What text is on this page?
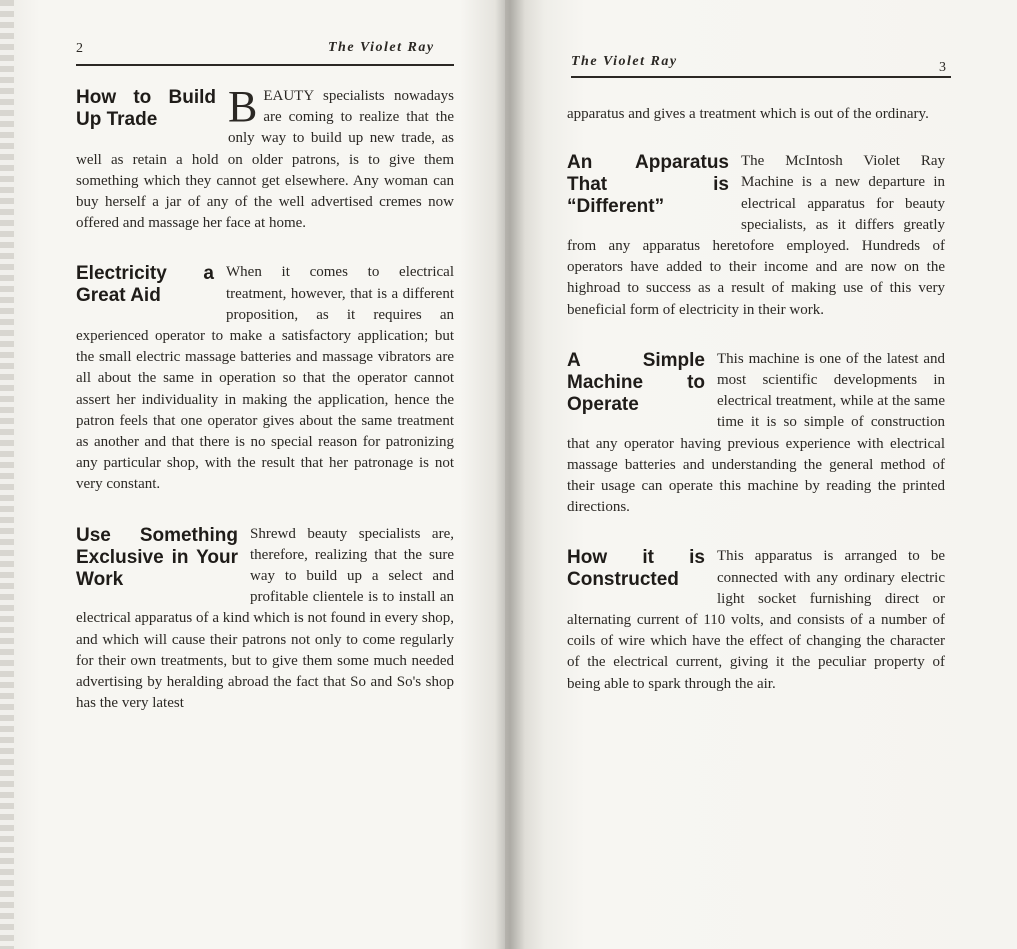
2	The Violet Ray
How to Build Up Trade	BEAUTY specialists nowadays are coming to realize that the only way to build up new trade, as well as retain a hold on older patrons, is to give them something which they cannot get elsewhere. Any woman can buy herself a jar of any of the well advertised cremes now offered and massage her face at home.

Electricity a Great Aid

When it comes to electrical treatment, however, that is a different proposition, as it requires an experienced operator to make a satisfactory application; but the small electric massage batteries and massage vibrators are all about the same in operation so that the operator cannot assert her individuality in making the application, hence the patron feels that one operator gives about the same treatment as another and that there is no special reason for patronizing any particular shop, with the result that her patronage is not very constant.

Use Something Exclusive in Your Work

Shrewd beauty specialists are, therefore, realizing that the sure way to build up a select and profitable clientele is to install an electrical apparatus of a kind which is not found in every shop, and which will cause their patrons not only to come regularly for their own treatments, but to give them some much needed advertising by heralding abroad the fact that So and So's shop has the very latest

The Violet Ray	3

apparatus and gives a treatment which is out of the ordinary.

An Apparatus That is “Different”

The McIntosh Violet Ray Machine is a new departure in electrical apparatus for beauty specialists, as it differs greatly from any apparatus heretofore employed. Hundreds of operators have added to their income and are now on the highroad to success as a result of making use of this very beneficial form of electricity in their work.

A Simple Machine to Operate

This machine is one of the latest and most scientific developments in electrical treatment, while at the same time it is so simple of construction that any operator having previous experience with electrical massage batteries and understanding the general method of their usage can operate this machine by reading the printed directions.

How it is Constructed

This apparatus is arranged to be connected with any ordinary electric light socket furnishing direct or alternating current of 110 volts, and consists of a number of coils of wire which have the effect of changing the character of the electrical current, giving it the peculiar property of being able to spark through the air.
